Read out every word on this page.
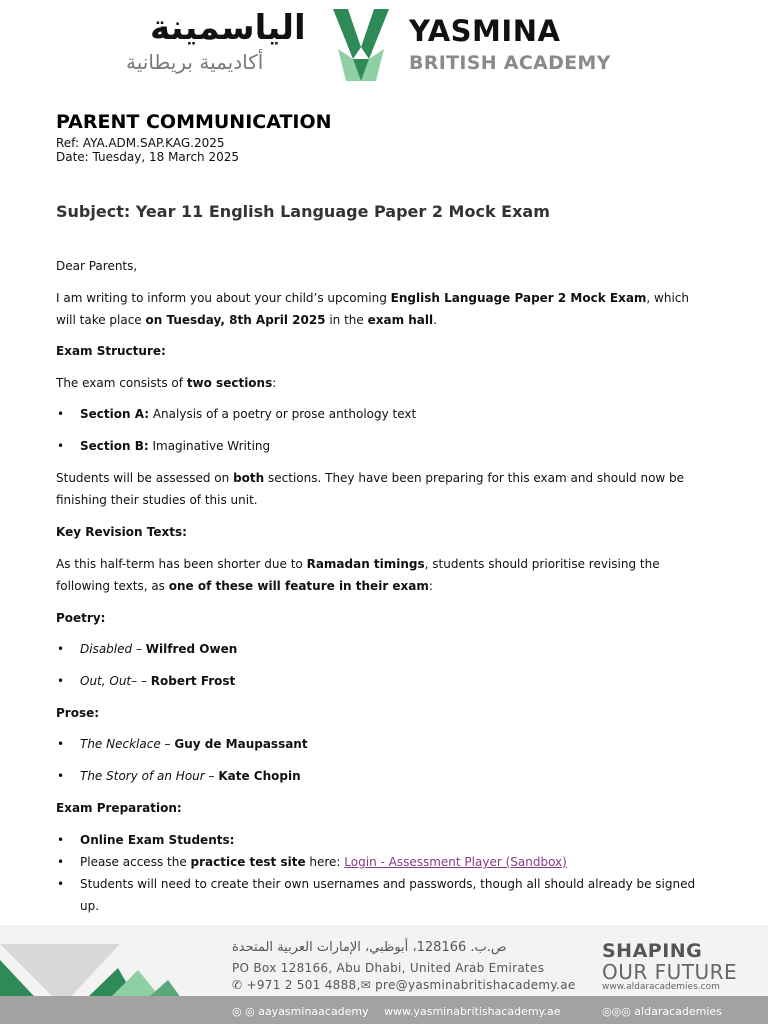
الياسمينة
أكاديمية بريطانية
YASMINA
BRITISH ACADEMY
PARENT COMMUNICATION
Ref: AYA.ADM.SAP.KAG.2025
Date: Tuesday, 18 March 2025
Subject: Year 11 English Language Paper 2 Mock Exam
Dear Parents,
I am writing to inform you about your child’s upcoming English Language Paper 2 Mock Exam, which
will take place on Tuesday, 8th April 2025 in the exam hall.
Exam Structure:
The exam consists of two sections:
• Section A: Analysis of a poetry or prose anthology text
• Section B: Imaginative Writing
Students will be assessed on both sections. They have been preparing for this exam and should now be
finishing their studies of this unit.
Key Revision Texts:
As this half-term has been shorter due to Ramadan timings, students should prioritise revising the
following texts, as one of these will feature in their exam:
Poetry:
• Disabled – Wilfred Owen
• Out, Out– – Robert Frost
Prose:
• The Necklace – Guy de Maupassant
• The Story of an Hour – Kate Chopin
Exam Preparation:
• Online Exam Students:
• Please access the practice test site here: Login - Assessment Player (Sandbox)
• Students will need to create their own usernames and passwords, though all should already be signed
up.
ص.ب. 128166، أبوظبي، الإمارات العربية المتحدة
PO Box 128166, Abu Dhabi, United Arab Emirates
✆ +971 2 501 4888,✉ pre@yasminabritishacademy.ae
◎ ◎ aayasminaacademy www.yasminabritishacademy.ae	◎◎◎ aldaracademies
SHAPING
OUR FUTURE
www.aldaracademies.com
